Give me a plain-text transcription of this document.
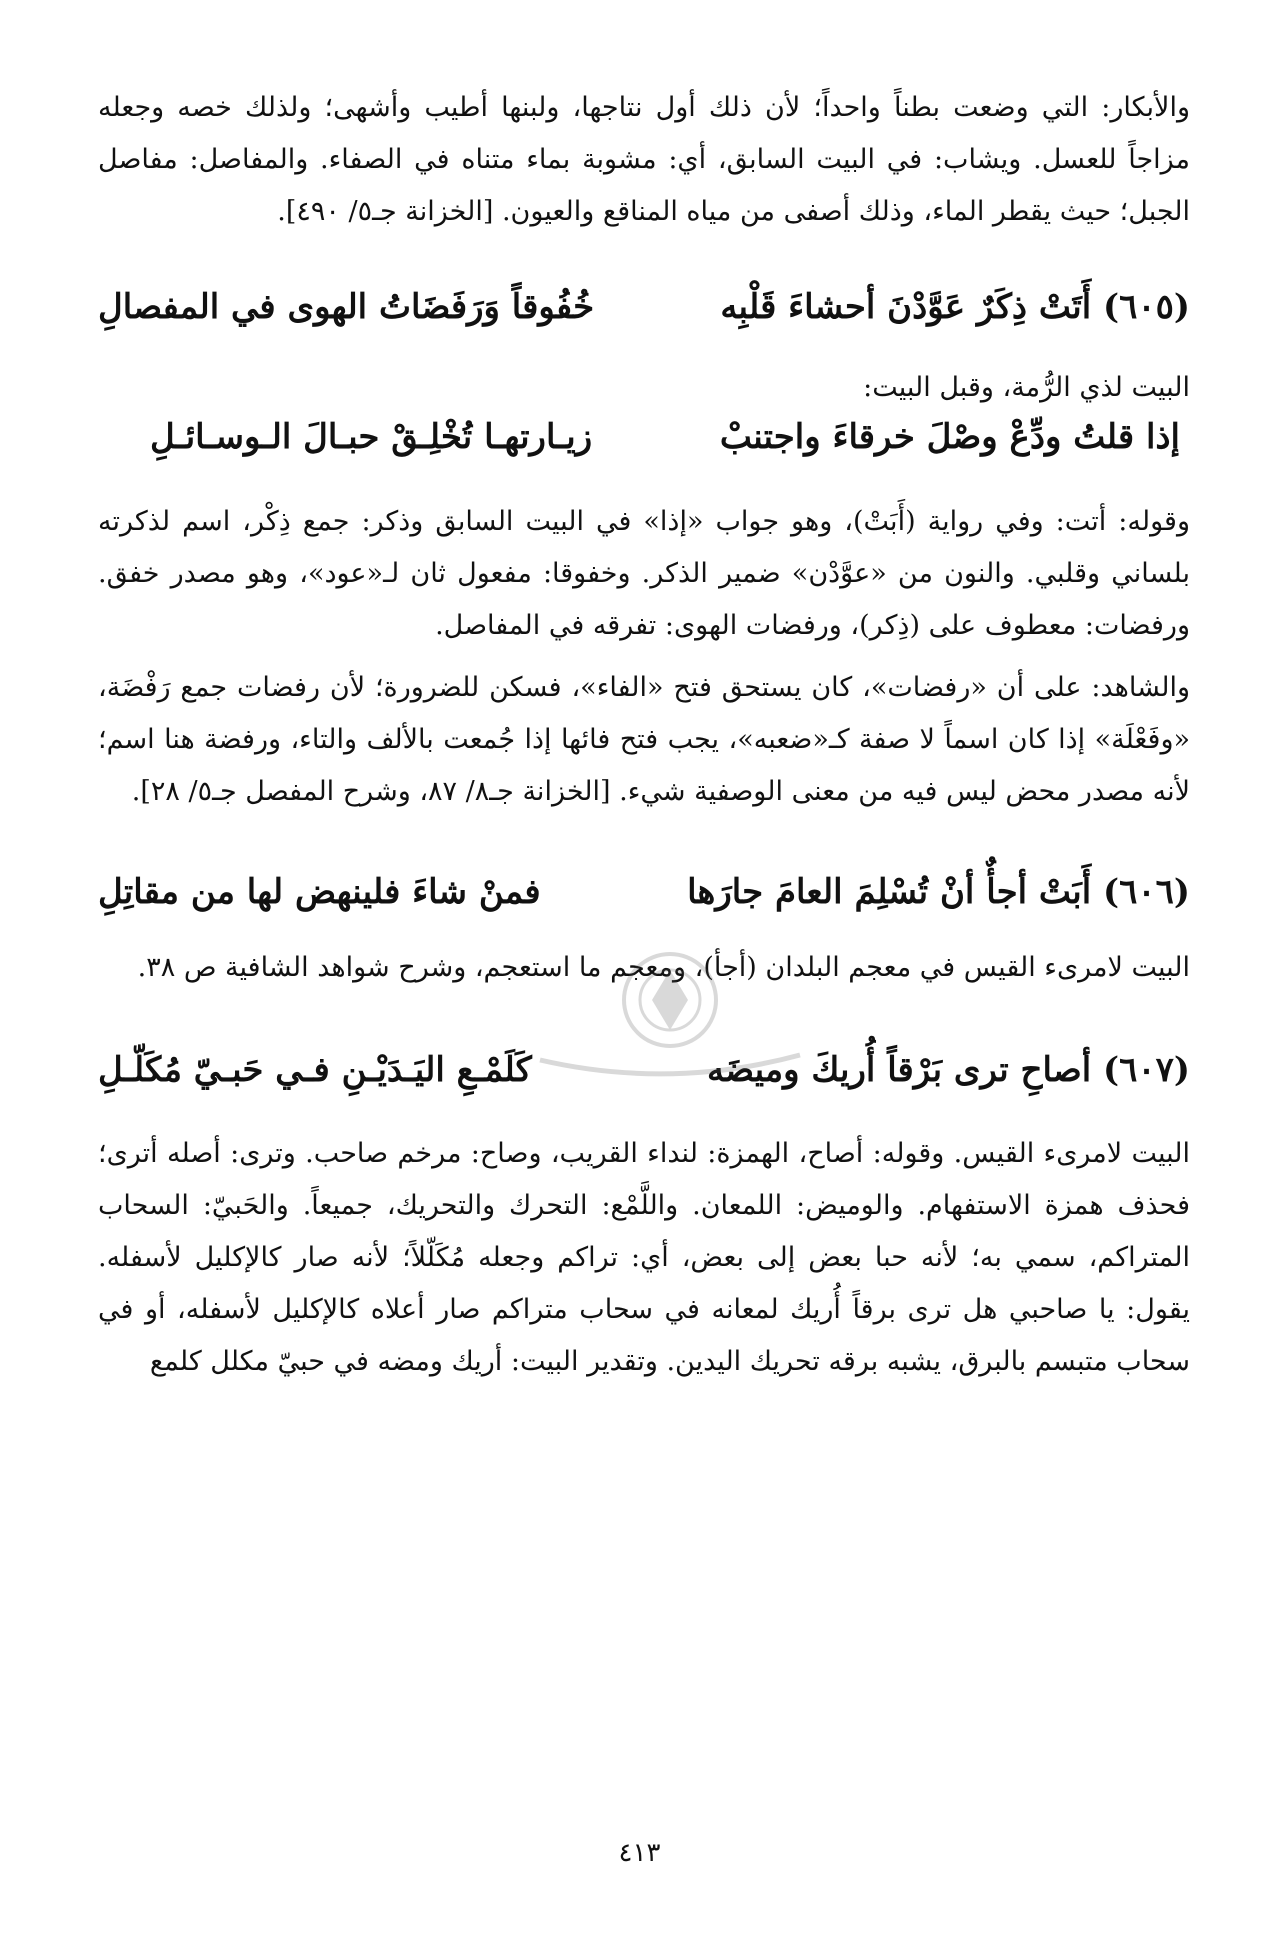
والأبكار: التي وضعت بطناً واحداً؛ لأن ذلك أول نتاجها، ولبنها أطيب وأشهى؛ ولذلك خصه وجعله مزاجاً للعسل. ويشاب: في البيت السابق، أي: مشوبة بماء متناه في الصفاء. والمفاصل: مفاصل الجبل؛ حيث يقطر الماء، وذلك أصفى من مياه المناقع والعيون. [الخزانة جـ٥/ ٤٩٠].

(٦٠٥) أَتَتْ ذِكَرٌ عَوَّدْنَ أحشاءَ قَلْبِه
خُفُوقاً وَرَفَضَاتُ الهوى في المفصالِ

البيت لذي الرُّمة، وقبل البيت:

إذا قلتُ ودِّعْ وصْلَ خرقاءَ واجتنبْ
زيـارتهـا تُخْلِـقْ حبـالَ الـوسـائـلِ

وقوله: أتت: وفي رواية (أَبَتْ)، وهو جواب «إذا» في البيت السابق وذكر: جمع ذِكْر، اسم لذكرته بلساني وقلبي. والنون من «عوَّدْن» ضمير الذكر. وخفوقا: مفعول ثان لـ«عود»، وهو مصدر خفق. ورفضات: معطوف على (ذِكر)، ورفضات الهوى: تفرقه في المفاصل.

والشاهد: على أن «رفضات»، كان يستحق فتح «الفاء»، فسكن للضرورة؛ لأن رفضات جمع رَفْضَة، «وفَعْلَة» إذا كان اسماً لا صفة كـ«ضعبه»، يجب فتح فائها إذا جُمعت بالألف والتاء، ورفضة هنا اسم؛ لأنه مصدر محض ليس فيه من معنى الوصفية شيء. [الخزانة جـ٨/ ٨٧، وشرح المفصل جـ٥/ ٢٨].

(٦٠٦) أَبَتْ أجأٌ أنْ تُسْلِمَ العامَ جارَها
فمنْ شاءَ فلينهض لها من مقاتِلِ

البيت لامرىء القيس في معجم البلدان (أجأ)، ومعجم ما استعجم، وشرح شواهد الشافية ص ٣٨.

(٦٠٧) أصاحِ ترى بَرْقاً أُريكَ وميضَه
كَلَمْـعِ اليَـدَيْـنِ فـي حَبـيّ مُكَلّـلِ

البيت لامرىء القيس. وقوله: أصاح، الهمزة: لنداء القريب، وصاح: مرخم صاحب. وترى: أصله أترى؛ فحذف همزة الاستفهام. والوميض: اللمعان. واللَّمْع: التحرك والتحريك، جميعاً. والحَبيّ: السحاب المتراكم، سمي به؛ لأنه حبا بعض إلى بعض، أي: تراكم وجعله مُكَلّلاً؛ لأنه صار كالإكليل لأسفله. يقول: يا صاحبي هل ترى برقاً أُريك لمعانه في سحاب متراكم صار أعلاه كالإكليل لأسفله، أو في سحاب متبسم بالبرق، يشبه برقه تحريك اليدين. وتقدير البيت: أريك ومضه في حبيّ مكلل كلمع

٤١٣
